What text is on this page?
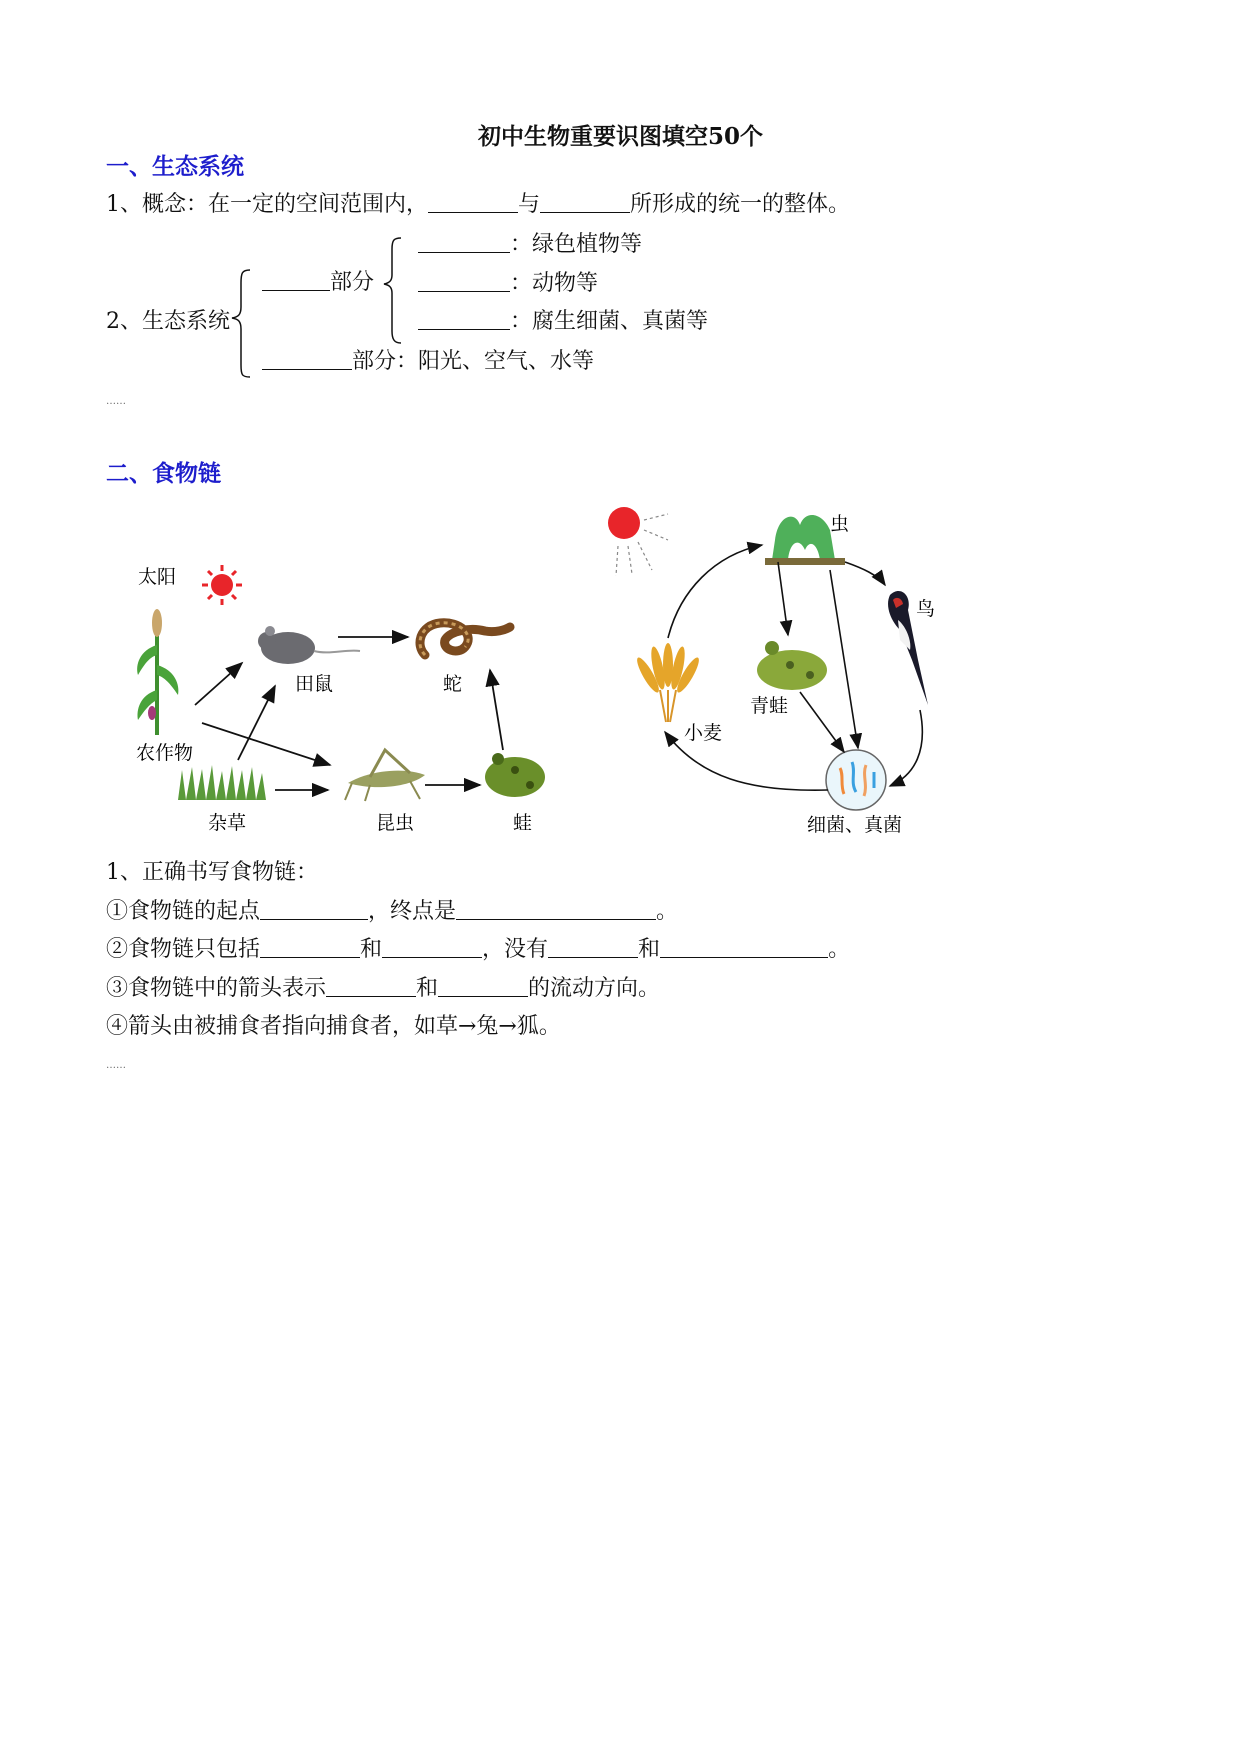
初中生物重要识图填空50个
一、生态系统
1、概念：在一定的空间范围内，	与	所形成的统一的整体。
2、生态系统
部分
：绿色植物等
：动物等
：腐生细菌、真菌等
部分：阳光、空气、水等
……
二、食物链
太阳
农作物
杂草
田鼠	蛇
昆虫	蛙
虫
鸟
小麦
青蛙
细菌、真菌
1、正确书写食物链：
①食物链的起点	，终点是	。
②食物链只包括	和	，没有	和	。
③食物链中的箭头表示	和	的流动方向。
④箭头由被捕食者指向捕食者，如草→兔→狐。
……
